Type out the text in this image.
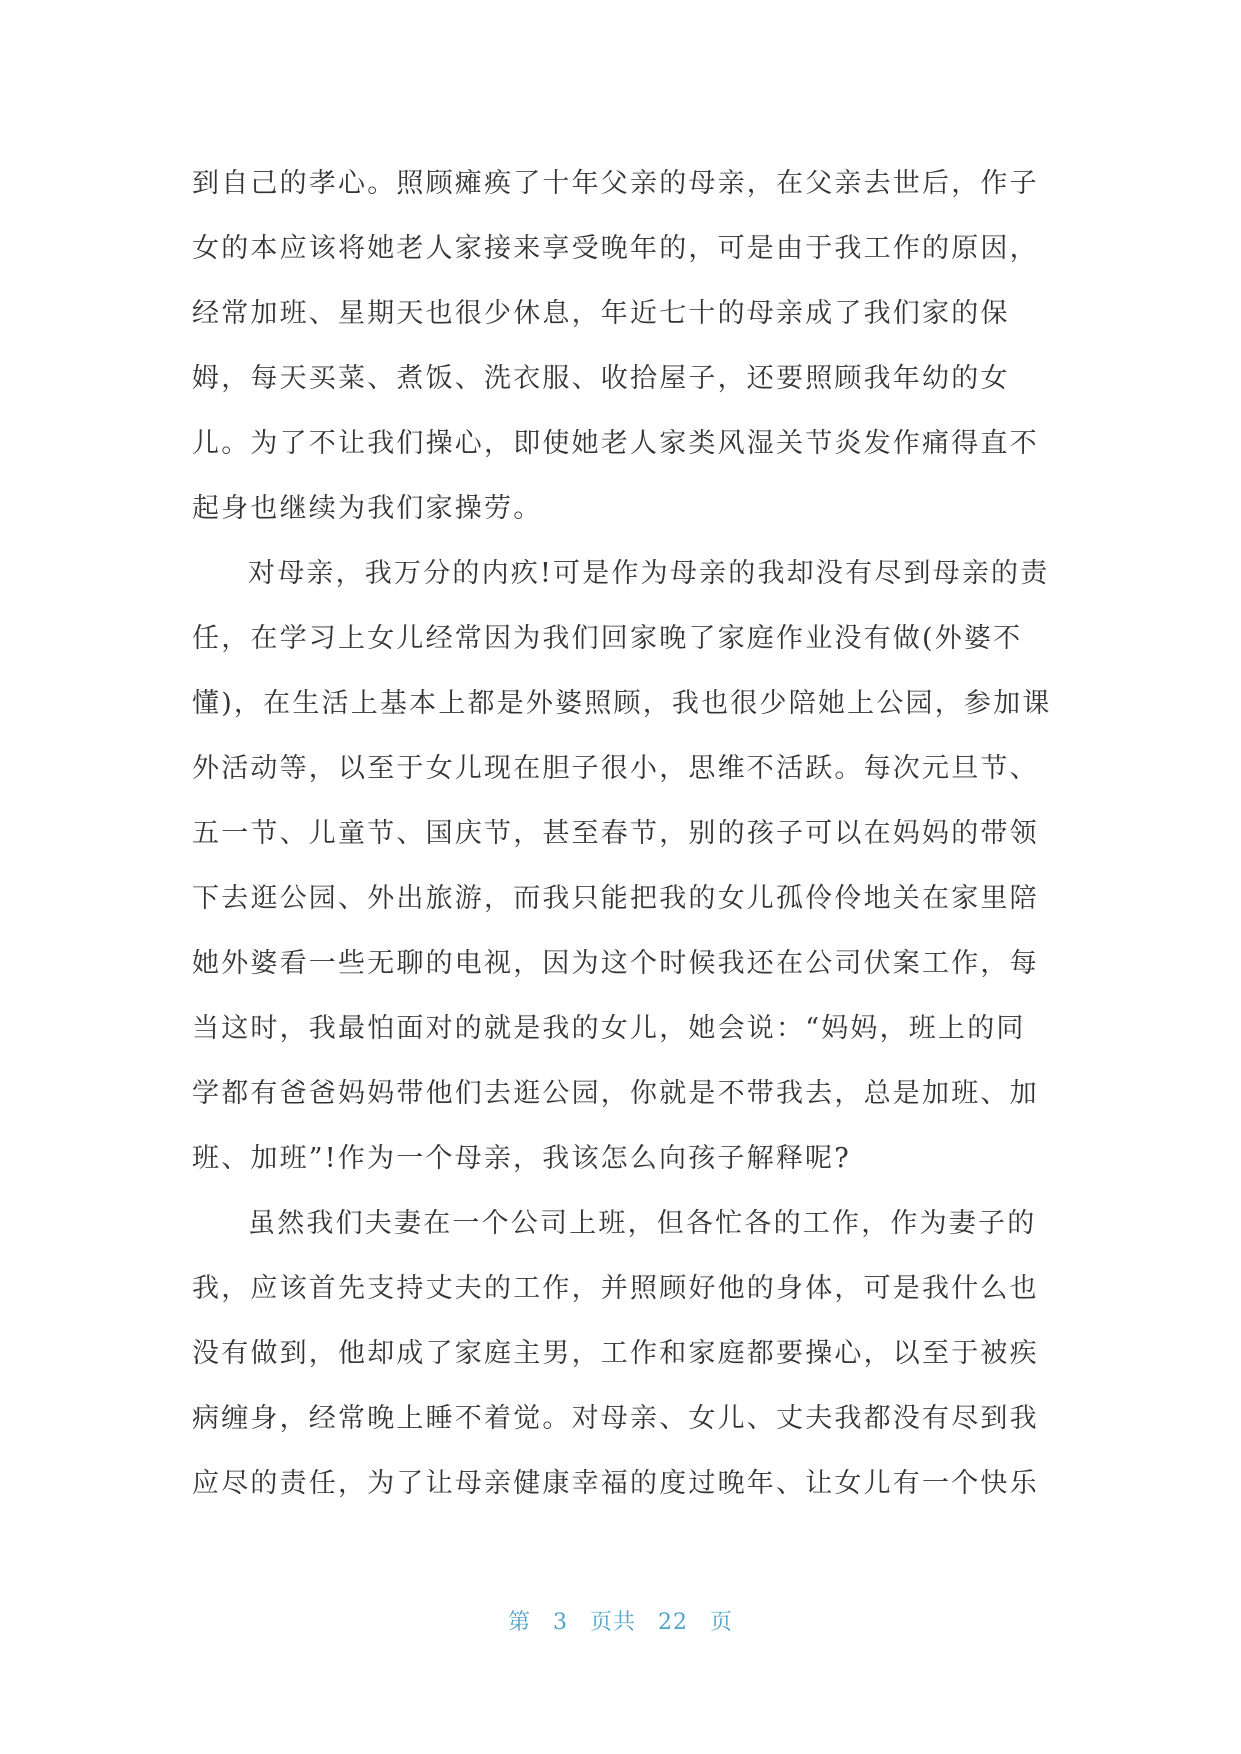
到自己的孝心。照顾瘫痪了十年父亲的母亲，在父亲去世后，作子
女的本应该将她老人家接来享受晚年的，可是由于我工作的原因，
经常加班、星期天也很少休息，年近七十的母亲成了我们家的保
姆，每天买菜、煮饭、洗衣服、收拾屋子，还要照顾我年幼的女
儿。为了不让我们操心，即使她老人家类风湿关节炎发作痛得直不
起身也继续为我们家操劳。
对母亲，我万分的内疚!可是作为母亲的我却没有尽到母亲的责
任，在学习上女儿经常因为我们回家晚了家庭作业没有做(外婆不
懂)，在生活上基本上都是外婆照顾，我也很少陪她上公园，参加课
外活动等，以至于女儿现在胆子很小，思维不活跃。每次元旦节、
五一节、儿童节、国庆节，甚至春节，别的孩子可以在妈妈的带领
下去逛公园、外出旅游，而我只能把我的女儿孤伶伶地关在家里陪
她外婆看一些无聊的电视，因为这个时候我还在公司伏案工作，每
当这时，我最怕面对的就是我的女儿，她会说：“妈妈，班上的同
学都有爸爸妈妈带他们去逛公园，你就是不带我去，总是加班、加
班、加班”!作为一个母亲，我该怎么向孩子解释呢?
虽然我们夫妻在一个公司上班，但各忙各的工作，作为妻子的
我，应该首先支持丈夫的工作，并照顾好他的身体，可是我什么也
没有做到，他却成了家庭主男，工作和家庭都要操心，以至于被疾
病缠身，经常晚上睡不着觉。对母亲、女儿、丈夫我都没有尽到我
应尽的责任，为了让母亲健康幸福的度过晚年、让女儿有一个快乐
第 3 页共 22 页
